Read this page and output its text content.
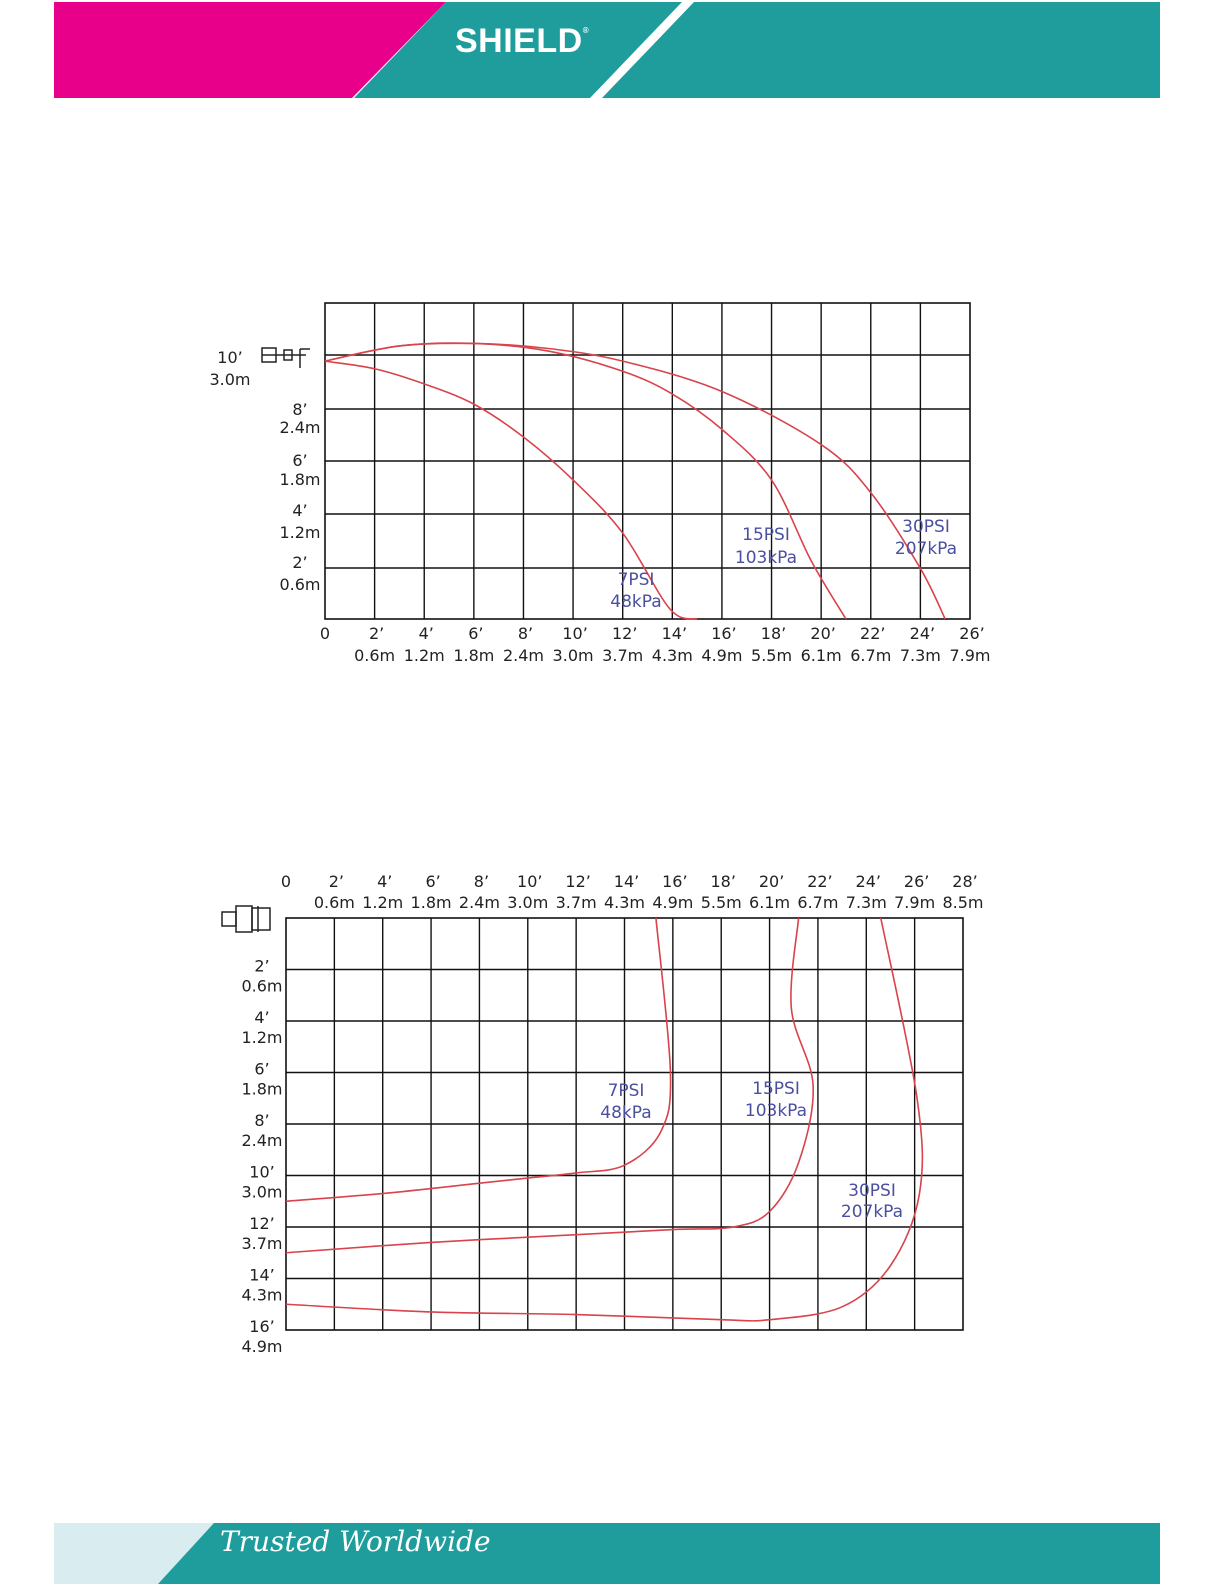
SHIELD®
0 2’
0.6m
4’
1.2m
6’
1.8m
8’
2.4m
10’
3.0m
12’
3.7m
14’
4.3m
16’
4.9m
18’
5.5m
20’
6.1m
22’
6.7m
24’
7.3m
26’
7.9m
10’
3.0m
8’
2.4m
6’
1.8m
4’
1.2m
2’
0.6m	7PSI
48kPa
15PSI
103kPa
30PSI
207kPa
0 2’
0.6m
4’
1.2m
6’
1.8m
8’
2.4m
10’
3.0m
12’
3.7m
14’
4.3m
16’
4.9m
18’
5.5m
20’
6.1m
22’
6.7m
24’
7.3m
26’
7.9m
28’
8.5m
2’
0.6m
4’
1.2m
6’
1.8m
8’
2.4m
10’
3.0m
12’
3.7m
14’
4.3m
16’
4.9m
7PSI
48kPa
15PSI
103kPa
30PSI
207kPa
Trusted Worldwide
